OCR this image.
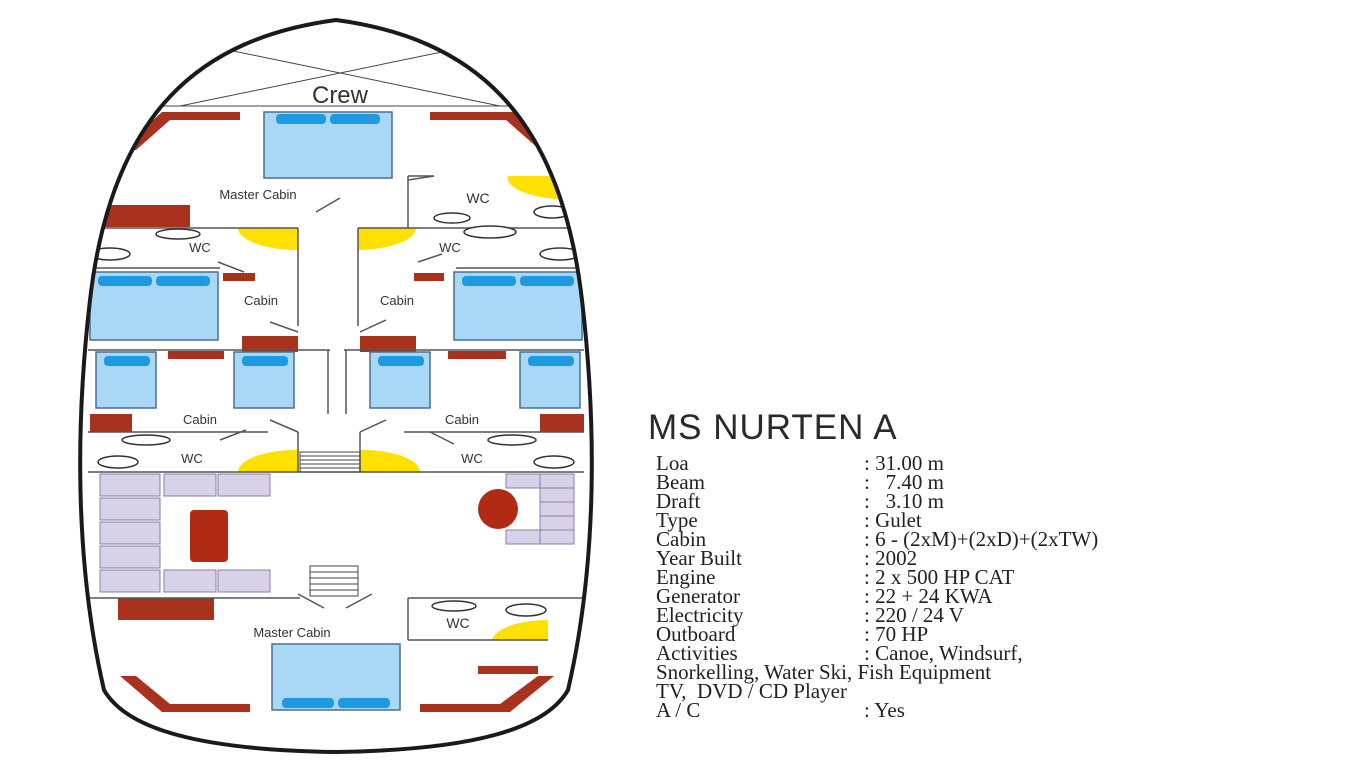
Crew
Master Cabin	WC
WC	WC
Cabin	Cabin
Cabin	Cabin
WC	WC
Master Cabin
WC
MS NURTEN A
Loa	: 31.00 m
Beam	:   7.40 m
Draft	:   3.10 m
Type	: Gulet
Cabin	: 6 - (2xM)+(2xD)+(2xTW)
Year Built	: 2002
Engine	: 2 x 500 HP CAT
Generator	: 22 + 24 KWA
Electricity	: 220 / 24 V
Outboard	: 70 HP
Activities	: Canoe, Windsurf,
Snorkelling, Water Ski, Fish Equipment
TV,  DVD / CD Player
A / C	: Yes
